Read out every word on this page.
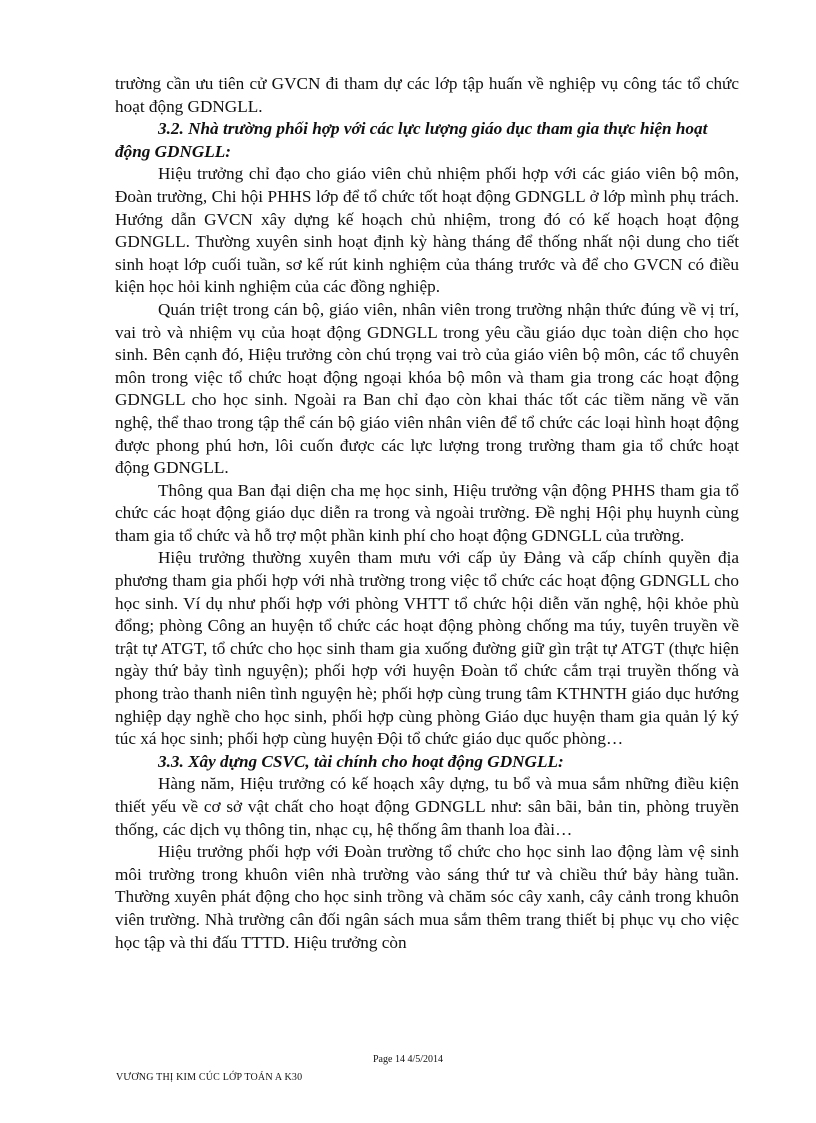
trường cần ưu tiên cử GVCN đi tham dự các lớp tập huấn về nghiệp vụ công tác tổ chức hoạt động GDNGLL.

3.2. Nhà trường phối hợp với các lực lượng giáo dục tham gia thực hiện hoạt động GDNGLL:

Hiệu trưởng chỉ đạo cho giáo viên chủ nhiệm phối hợp với các giáo viên bộ môn, Đoàn trường, Chi hội PHHS lớp để tổ chức tốt hoạt động GDNGLL ở lớp mình phụ trách. Hướng dẫn GVCN xây dựng kế hoạch chủ nhiệm, trong đó có kế hoạch hoạt động GDNGLL. Thường xuyên sinh hoạt định kỳ hàng tháng để thống nhất nội dung cho tiết sinh hoạt lớp cuối tuần, sơ kế rút kinh nghiệm của tháng trước và để cho GVCN có điều kiện học hỏi kinh nghiệm của các đồng nghiệp.

Quán triệt trong cán bộ, giáo viên, nhân viên trong trường nhận thức đúng về vị trí, vai trò và nhiệm vụ của hoạt động GDNGLL trong yêu cầu giáo dục toàn diện cho học sinh. Bên cạnh đó, Hiệu trưởng còn chú trọng vai trò của giáo viên bộ môn, các tổ chuyên môn trong việc tổ chức hoạt động ngoại khóa bộ môn và tham gia trong các hoạt động GDNGLL cho học sinh. Ngoài ra Ban chỉ đạo còn khai thác tốt các tiềm năng về văn nghệ, thể thao trong tập thể cán bộ giáo viên nhân viên để tổ chức các loại hình hoạt động được phong phú hơn, lôi cuốn được các lực lượng trong trường tham gia tổ chức hoạt động GDNGLL.

Thông qua Ban đại diện cha mẹ học sinh, Hiệu trưởng vận động PHHS tham gia tổ chức các hoạt động giáo dục diễn ra trong và ngoài trường. Đề nghị Hội phụ huynh cùng tham gia tổ chức và hỗ trợ một phần kinh phí cho hoạt động GDNGLL của trường.

Hiệu trưởng thường xuyên tham mưu với cấp ủy Đảng và cấp chính quyền địa phương tham gia phối hợp với nhà trường trong việc tổ chức các hoạt động GDNGLL cho học sinh. Ví dụ như phối hợp với phòng VHTT tổ chức hội diễn văn nghệ, hội khỏe phù đổng; phòng Công an huyện tổ chức các hoạt động phòng chống ma túy, tuyên truyền về trật tự ATGT, tổ chức cho học sinh tham gia xuống đường giữ gìn trật tự ATGT (thực hiện ngày thứ bảy tình nguyện); phối hợp với huyện Đoàn tổ chức cắm trại truyền thống và phong trào thanh niên tình nguyện hè; phối hợp cùng trung tâm KTHNTH giáo dục hướng nghiệp dạy nghề cho học sinh, phối hợp cùng phòng Giáo dục huyện tham gia quản lý ký túc xá học sinh; phối hợp cùng huyện Đội tổ chức giáo dục quốc phòng…

3.3. Xây dựng CSVC, tài chính cho hoạt động GDNGLL:

Hàng năm, Hiệu trưởng có kế hoạch xây dựng, tu bổ và mua sắm những điều kiện thiết yếu về cơ sở vật chất cho hoạt động GDNGLL như: sân bãi, bản tin, phòng truyền thống, các dịch vụ thông tin, nhạc cụ, hệ thống âm thanh loa đài…

Hiệu trưởng phối hợp với Đoàn trường tổ chức cho học sinh lao động làm vệ sinh môi trường trong khuôn viên nhà trường vào sáng thứ tư và chiều thứ bảy hàng tuần. Thường xuyên phát động cho học sinh trồng và chăm sóc cây xanh, cây cảnh trong khuôn viên trường. Nhà trường cân đối ngân sách mua sắm thêm trang thiết bị phục vụ cho việc học tập và thi đấu TTTD. Hiệu trưởng còn

Page 14 4/5/2014
VƯƠNG THỊ KIM CÚC LỚP TOÁN A K30
